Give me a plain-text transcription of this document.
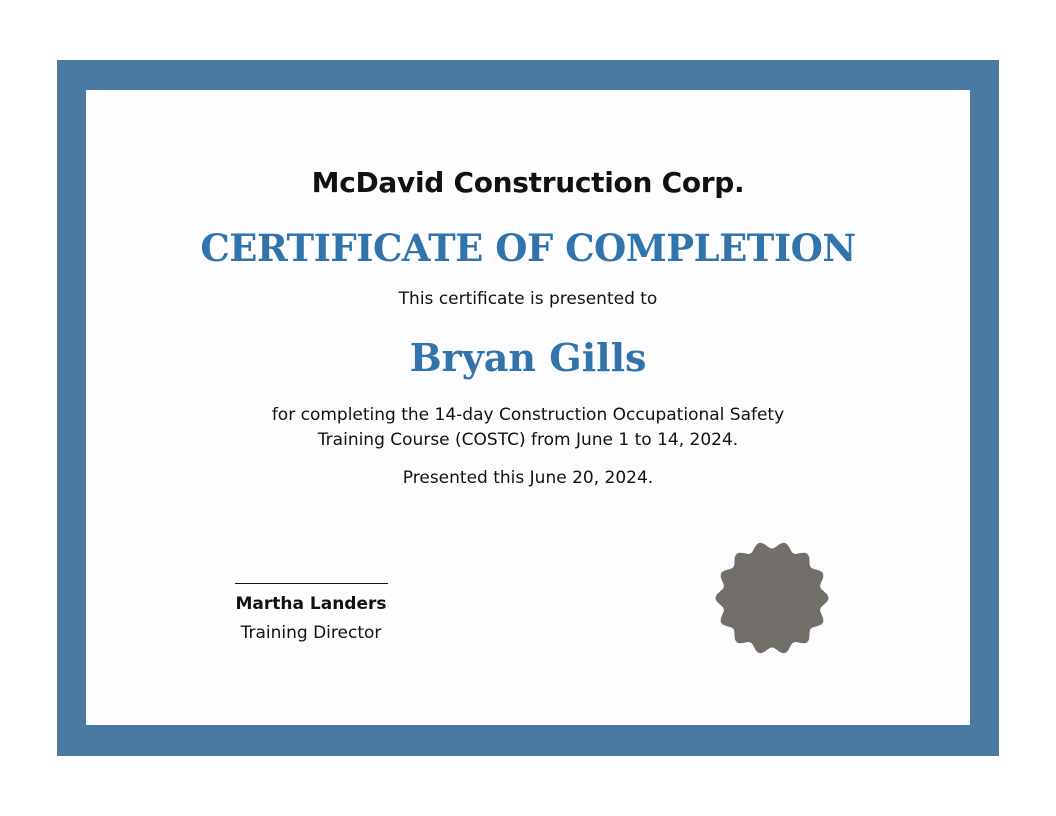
McDavid Construction Corp.
CERTIFICATE OF COMPLETION
This certificate is presented to
Bryan Gills
for completing the 14-day Construction Occupational Safety
Training Course (COSTC) from June 1 to 14, 2024.
Presented this June 20, 2024.
Martha Landers
Training Director
